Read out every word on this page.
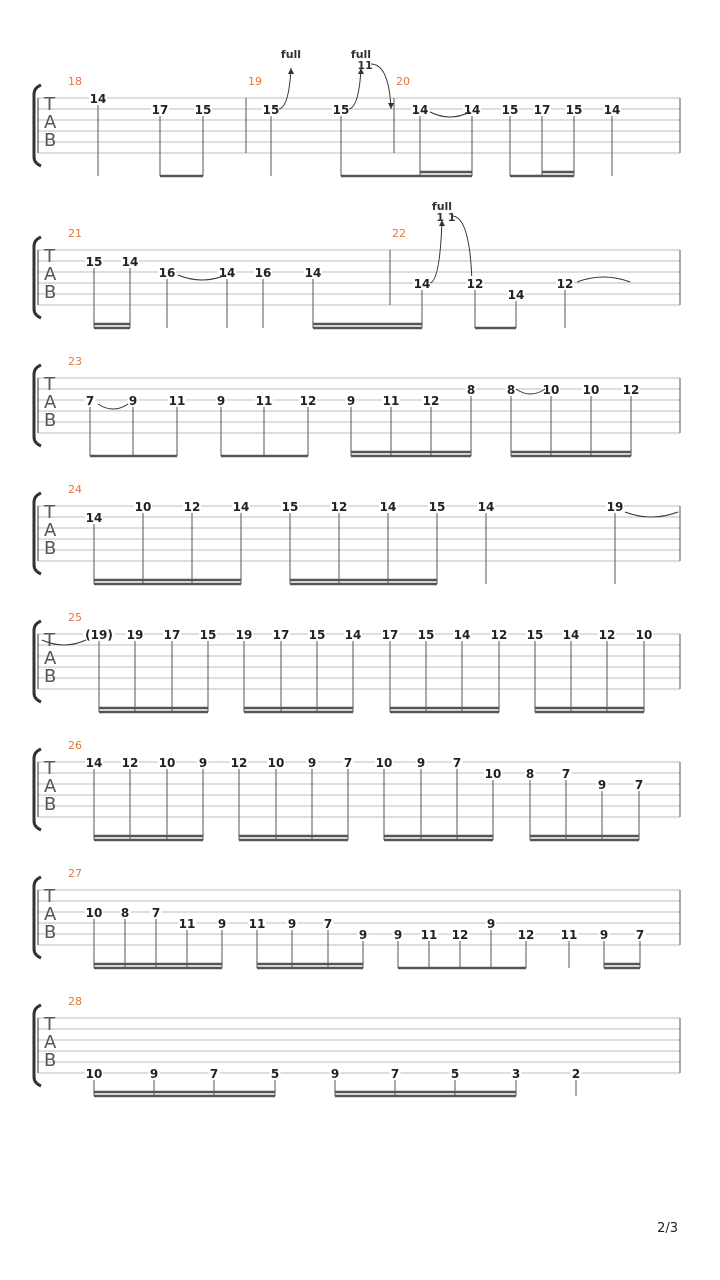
T
A
B
18
14
17 15
19
15
full
15
full
11
20
14	14 15 17 15 14
T
A
B
21
15 14
16	14 16	14
22
14
full
1 1
12
14
12
T
A
B
23
7	9	11	9	11 12	9 11 12
8	8 10 10 12
T
A
B
24
14
10	12	14	15	12	14	15	14	19
T
A
B
25
(19) 19 17 15 19 17 15 14 17 15 14 12 15 14 12 10
T
A
B
26
14 12 10 9 12 10 9 7 10 9 7
10 8 7
9 7
T
A
B
27
10 8 7
11 9 11 9 7
9 9 11 12
9
12 11 9 7
T
A
B
28
10	9	7	5	9	7	5	3	2
2/3
